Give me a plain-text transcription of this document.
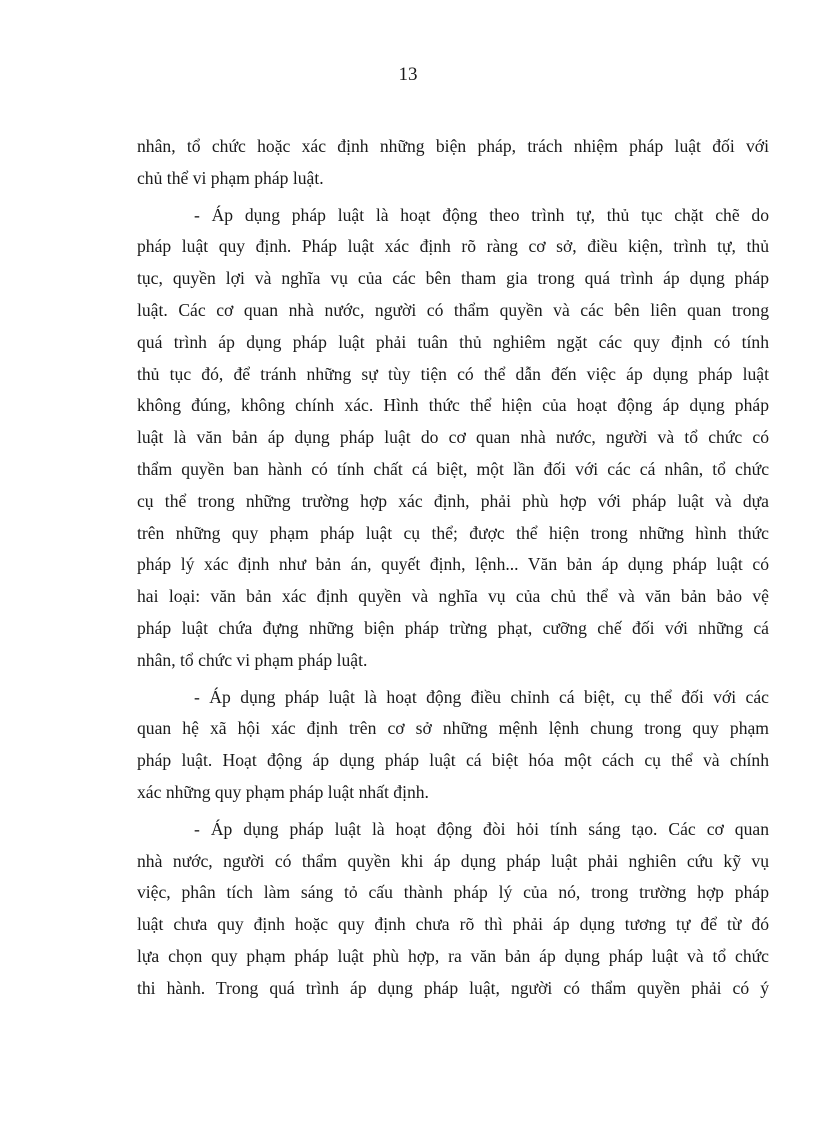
13

nhân, tổ chức hoặc xác định những biện pháp, trách nhiệm pháp luật đối với
chủ thể vi phạm pháp luật.

- Áp dụng pháp luật là hoạt động theo trình tự, thủ tục chặt chẽ do
pháp luật quy định. Pháp luật xác định rõ ràng cơ sở, điều kiện, trình tự, thủ
tục, quyền lợi và nghĩa vụ của các bên tham gia trong quá trình áp dụng pháp
luật. Các cơ quan nhà nước, người có thẩm quyền và các bên liên quan trong
quá trình áp dụng pháp luật phải tuân thủ nghiêm ngặt các quy định có tính
thủ tục đó, để tránh những sự tùy tiện có thể dẫn đến việc áp dụng pháp luật
không đúng, không chính xác. Hình thức thể hiện của hoạt động áp dụng pháp
luật là văn bản áp dụng pháp luật do cơ quan nhà nước, người và tổ chức có
thẩm quyền ban hành có tính chất cá biệt, một lần đối với các cá nhân, tổ chức
cụ thể trong những trường hợp xác định, phải phù hợp với pháp luật và dựa
trên những quy phạm pháp luật cụ thể; được thể hiện trong những hình thức
pháp lý xác định như bản án, quyết định, lệnh... Văn bản áp dụng pháp luật có
hai loại: văn bản xác định quyền và nghĩa vụ của chủ thể và văn bản bảo vệ
pháp luật chứa đựng những biện pháp trừng phạt, cưỡng chế đối với những cá
nhân, tổ chức vi phạm pháp luật.

- Áp dụng pháp luật là hoạt động điều chỉnh cá biệt, cụ thể đối với các
quan hệ xã hội xác định trên cơ sở những mệnh lệnh chung trong quy phạm
pháp luật. Hoạt động áp dụng pháp luật cá biệt hóa một cách cụ thể và chính
xác những quy phạm pháp luật nhất định.

- Áp dụng pháp luật là hoạt động đòi hỏi tính sáng tạo. Các cơ quan
nhà nước, người có thẩm quyền khi áp dụng pháp luật phải nghiên cứu kỹ vụ
việc, phân tích làm sáng tỏ cấu thành pháp lý của nó, trong trường hợp pháp
luật chưa quy định hoặc quy định chưa rõ thì phải áp dụng tương tự để từ đó
lựa chọn quy phạm pháp luật phù hợp, ra văn bản áp dụng pháp luật và tổ chức
thi hành. Trong quá trình áp dụng pháp luật, người có thẩm quyền phải có ý
